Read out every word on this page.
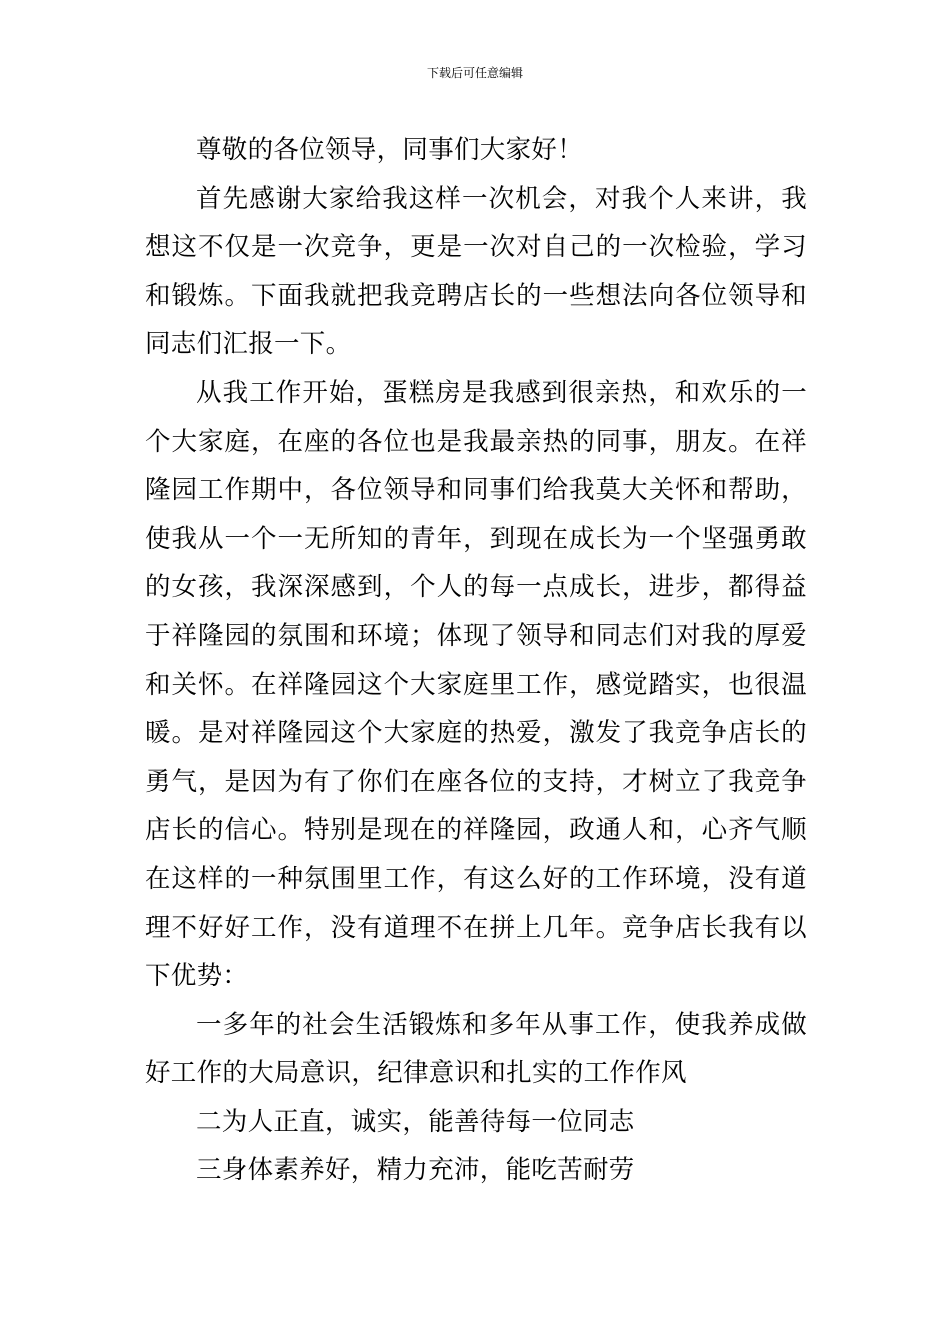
下载后可任意编辑

尊敬的各位领导，同事们大家好！

首先感谢大家给我这样一次机会，对我个人来讲，我想这不仅是一次竞争，更是一次对自己的一次检验，学习和锻炼。下面我就把我竞聘店长的一些想法向各位领导和同志们汇报一下。

从我工作开始，蛋糕房是我感到很亲热，和欢乐的一个大家庭，在座的各位也是我最亲热的同事，朋友。在祥隆园工作期中，各位领导和同事们给我莫大关怀和帮助，使我从一个一无所知的青年，到现在成长为一个坚强勇敢的女孩，我深深感到，个人的每一点成长，进步，都得益于祥隆园的氛围和环境；体现了领导和同志们对我的厚爱和关怀。在祥隆园这个大家庭里工作，感觉踏实，也很温暖。是对祥隆园这个大家庭的热爱，激发了我竞争店长的勇气，是因为有了你们在座各位的支持，才树立了我竞争店长的信心。特别是现在的祥隆园，政通人和，心齐气顺在这样的一种氛围里工作，有这么好的工作环境，没有道理不好好工作，没有道理不在拼上几年。竞争店长我有以下优势：

一多年的社会生活锻炼和多年从事工作，使我养成做好工作的大局意识，纪律意识和扎实的工作作风

二为人正直，诚实，能善待每一位同志

三身体素养好，精力充沛，能吃苦耐劳
